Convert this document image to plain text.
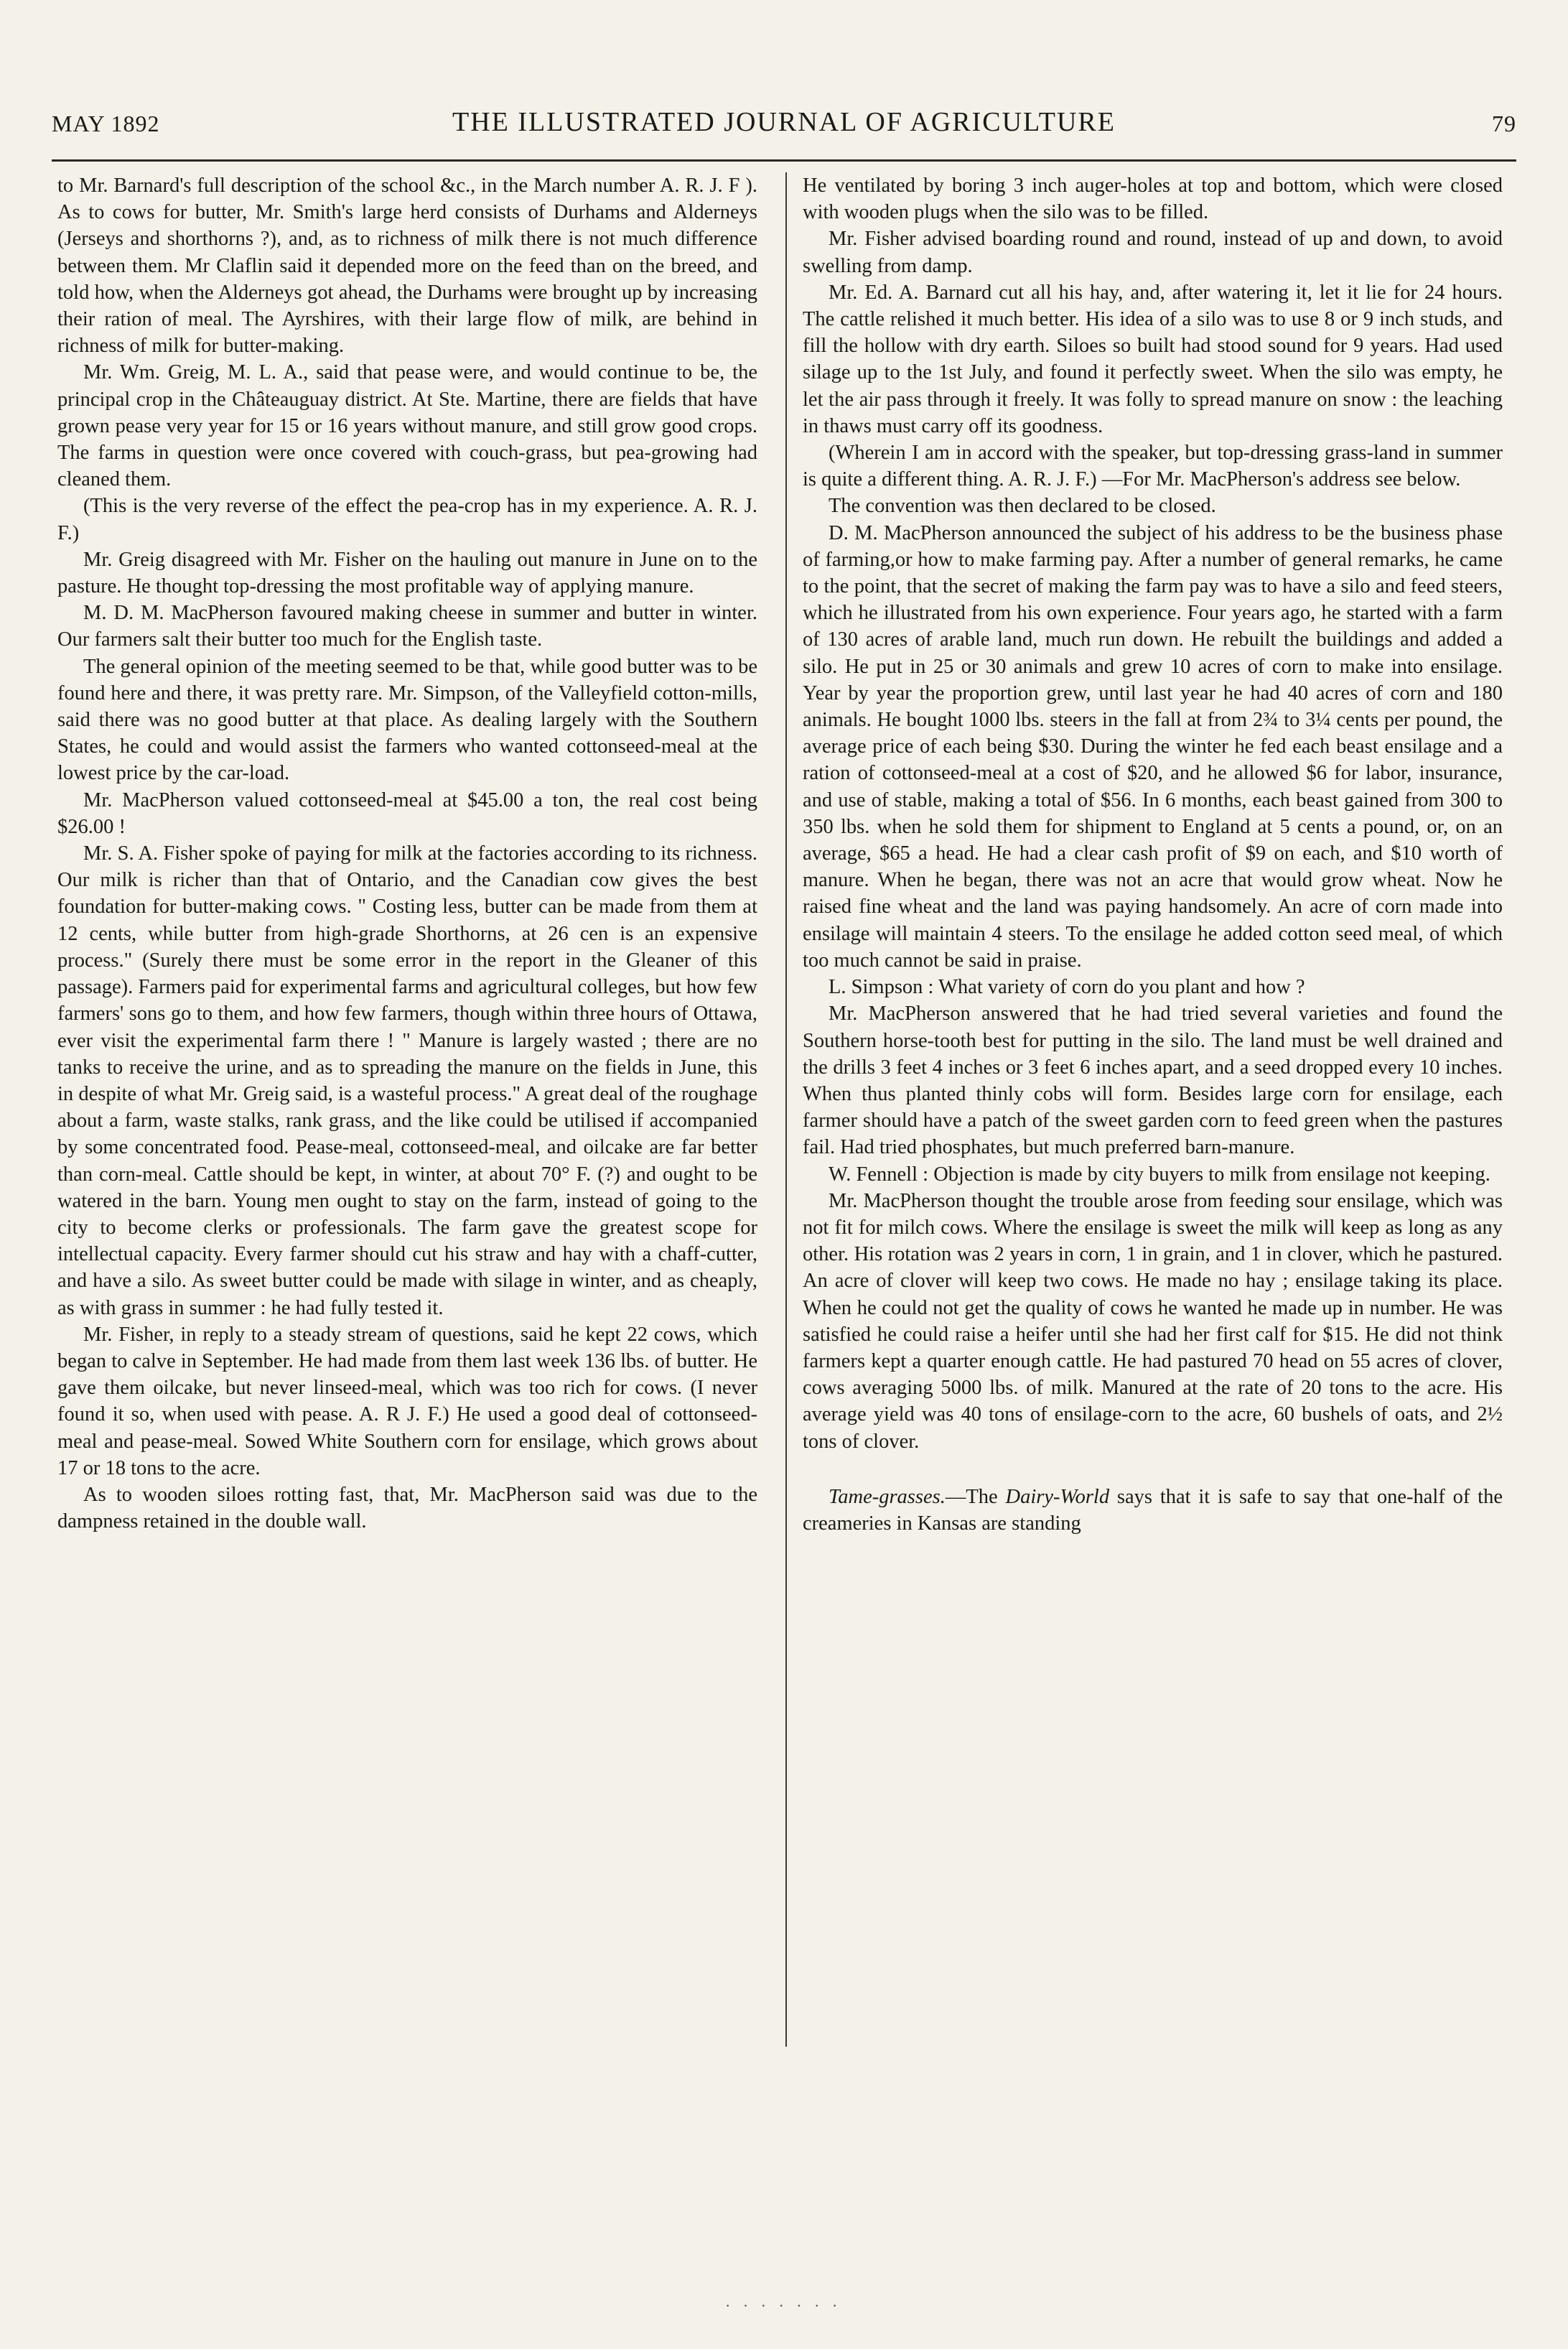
MAY 1892	THE ILLUSTRATED JOURNAL OF AGRICULTURE	79

to Mr. Barnard's full description of the school &c., in the March number A. R. J. F ). As to cows for butter, Mr. Smith's large herd consists of Durhams and Alderneys (Jerseys and shorthorns ?), and, as to richness of milk there is not much difference between them. Mr Claflin said it depended more on the feed than on the breed, and told how, when the Alderneys got ahead, the Durhams were brought up by increasing their ration of meal. The Ayrshires, with their large flow of milk, are behind in richness of milk for butter-making.

Mr. Wm. Greig, M. L. A., said that pease were, and would continue to be, the principal crop in the Châteauguay district. At Ste. Martine, there are fields that have grown pease very year for 15 or 16 years without manure, and still grow good crops. The farms in question were once covered with couch-grass, but pea-growing had cleaned them.

(This is the very reverse of the effect the pea-crop has in my experience. A. R. J. F.)

Mr. Greig disagreed with Mr. Fisher on the hauling out manure in June on to the pasture. He thought top-dressing the most profitable way of applying manure.

M. D. M. MacPherson favoured making cheese in summer and butter in winter. Our farmers salt their butter too much for the English taste.

The general opinion of the meeting seemed to be that, while good butter was to be found here and there, it was pretty rare. Mr. Simpson, of the Valleyfield cotton-mills, said there was no good butter at that place. As dealing largely with the Southern States, he could and would assist the farmers who wanted cottonseed-meal at the lowest price by the car-load.

Mr. MacPherson valued cottonseed-meal at $45.00 a ton, the real cost being $26.00 !

Mr. S. A. Fisher spoke of paying for milk at the factories according to its richness. Our milk is richer than that of Ontario, and the Canadian cow gives the best foundation for butter-making cows. " Costing less, butter can be made from them at 12 cents, while butter from high-grade Shorthorns, at 26 cen is an expensive process." (Surely there must be some error in the report in the Gleaner of this passage). Farmers paid for experimental farms and agricultural colleges, but how few farmers' sons go to them, and how few farmers, though within three hours of Ottawa, ever visit the experimental farm there ! " Manure is largely wasted ; there are no tanks to receive the urine, and as to spreading the manure on the fields in June, this in despite of what Mr. Greig said, is a wasteful process." A great deal of the roughage about a farm, waste stalks, rank grass, and the like could be utilised if accompanied by some concentrated food. Pease-meal, cottonseed-meal, and oilcake are far better than corn-meal. Cattle should be kept, in winter, at about 70° F. (?) and ought to be watered in the barn. Young men ought to stay on the farm, instead of going to the city to become clerks or professionals. The farm gave the greatest scope for intellectual capacity. Every farmer should cut his straw and hay with a chaff-cutter, and have a silo. As sweet butter could be made with silage in winter, and as cheaply, as with grass in summer : he had fully tested it.

Mr. Fisher, in reply to a steady stream of questions, said he kept 22 cows, which began to calve in September. He had made from them last week 136 lbs. of butter. He gave them oilcake, but never linseed-meal, which was too rich for cows. (I never found it so, when used with pease. A. R J. F.) He used a good deal of cottonseed-meal and pease-meal. Sowed White Southern corn for ensilage, which grows about 17 or 18 tons to the acre.

As to wooden siloes rotting fast, that, Mr. MacPherson said was due to the dampness retained in the double wall.

He ventilated by boring 3 inch auger-holes at top and bottom, which were closed with wooden plugs when the silo was to be filled.

Mr. Fisher advised boarding round and round, instead of up and down, to avoid swelling from damp.

Mr. Ed. A. Barnard cut all his hay, and, after watering it, let it lie for 24 hours. The cattle relished it much better. His idea of a silo was to use 8 or 9 inch studs, and fill the hollow with dry earth. Siloes so built had stood sound for 9 years. Had used silage up to the 1st July, and found it perfectly sweet. When the silo was empty, he let the air pass through it freely. It was folly to spread manure on snow : the leaching in thaws must carry off its goodness.

(Wherein I am in accord with the speaker, but top-dressing grass-land in summer is quite a different thing. A. R. J. F.) —For Mr. MacPherson's address see below.

The convention was then declared to be closed.

D. M. MacPherson announced the subject of his address to be the business phase of farming,or how to make farming pay. After a number of general remarks, he came to the point, that the secret of making the farm pay was to have a silo and feed steers, which he illustrated from his own experience. Four years ago, he started with a farm of 130 acres of arable land, much run down. He rebuilt the buildings and added a silo. He put in 25 or 30 animals and grew 10 acres of corn to make into ensilage. Year by year the proportion grew, until last year he had 40 acres of corn and 180 animals. He bought 1000 lbs. steers in the fall at from 2¾ to 3¼ cents per pound, the average price of each being $30. During the winter he fed each beast ensilage and a ration of cottonseed-meal at a cost of $20, and he allowed $6 for labor, insurance, and use of stable, making a total of $56. In 6 months, each beast gained from 300 to 350 lbs. when he sold them for shipment to England at 5 cents a pound, or, on an average, $65 a head. He had a clear cash profit of $9 on each, and $10 worth of manure. When he began, there was not an acre that would grow wheat. Now he raised fine wheat and the land was paying handsomely. An acre of corn made into ensilage will maintain 4 steers. To the ensilage he added cotton seed meal, of which too much cannot be said in praise.

L. Simpson : What variety of corn do you plant and how ?

Mr. MacPherson answered that he had tried several varieties and found the Southern horse-tooth best for putting in the silo. The land must be well drained and the drills 3 feet 4 inches or 3 feet 6 inches apart, and a seed dropped every 10 inches. When thus planted thinly cobs will form. Besides large corn for ensilage, each farmer should have a patch of the sweet garden corn to feed green when the pastures fail. Had tried phosphates, but much preferred barn-manure.

W. Fennell : Objection is made by city buyers to milk from ensilage not keeping.

Mr. MacPherson thought the trouble arose from feeding sour ensilage, which was not fit for milch cows. Where the ensilage is sweet the milk will keep as long as any other. His rotation was 2 years in corn, 1 in grain, and 1 in clover, which he pastured. An acre of clover will keep two cows. He made no hay ; ensilage taking its place. When he could not get the quality of cows he wanted he made up in number. He was satisfied he could raise a heifer until she had her first calf for $15. He did not think farmers kept a quarter enough cattle. He had pastured 70 head on 55 acres of clover, cows averaging 5000 lbs. of milk. Manured at the rate of 20 tons to the acre. His average yield was 40 tons of ensilage-corn to the acre, 60 bushels of oats, and 2½ tons of clover.

Tame-grasses.—The Dairy-World says that it is safe to say that one-half of the creameries in Kansas are standing

· · · · · · ·
